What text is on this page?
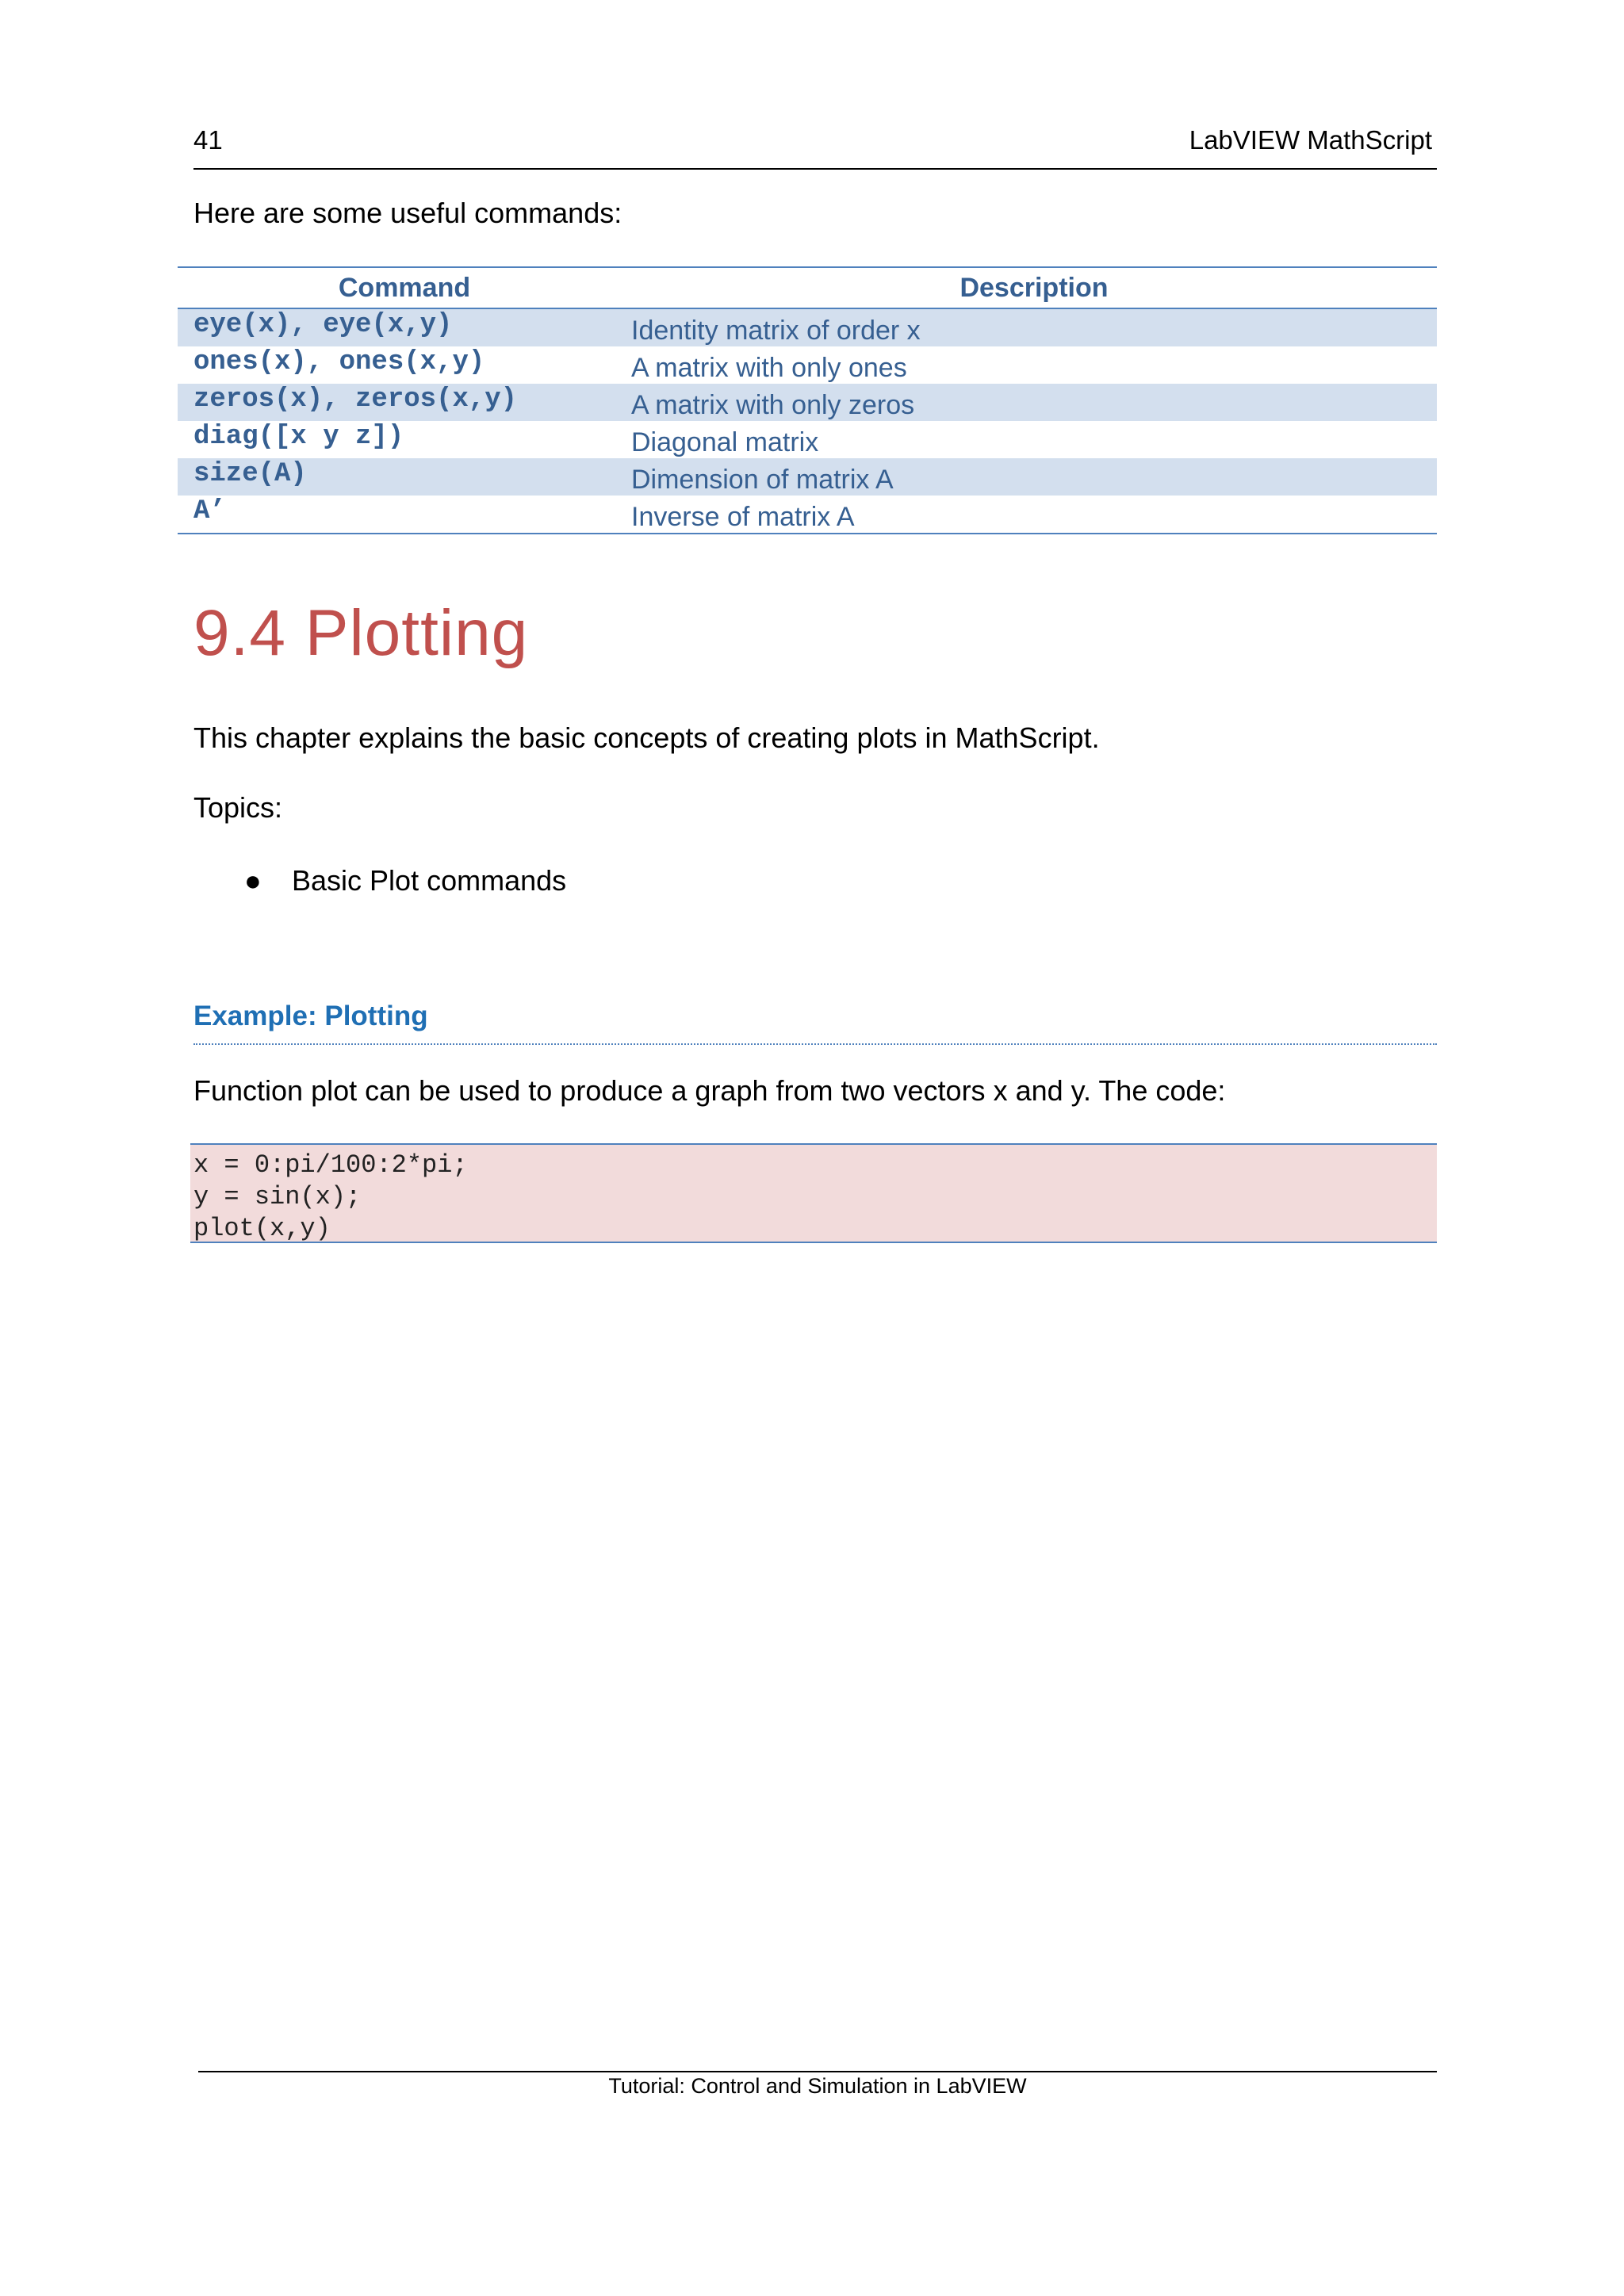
41	LabVIEW MathScript

Here are some useful commands:

Command	Description
eye(x), eye(x,y)	Identity matrix of order x
ones(x), ones(x,y)	A matrix with only ones
zeros(x), zeros(x,y)	A matrix with only zeros
diag([x y z])	Diagonal matrix
size(A)	Dimension of matrix A
A’	Inverse of matrix A
9.4 Plotting

This chapter explains the basic concepts of creating plots in MathScript.

Topics:

● Basic Plot commands
Example: Plotting

Function plot can be used to produce a graph from two vectors x and y. The code:

x = 0:pi/100:2*pi;
y = sin(x);
plot(x,y)
Tutorial: Control and Simulation in LabVIEW
